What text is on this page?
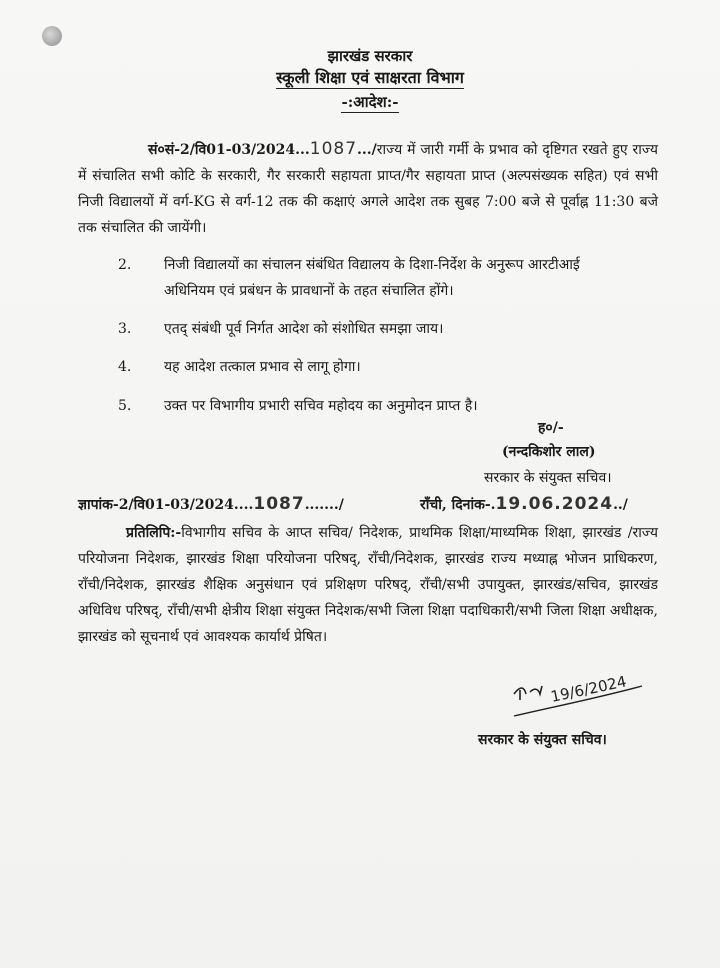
झारखंड सरकार
स्कूली शिक्षा एवं साक्षरता विभाग
-:आदेश:-
सं०सं-2/वि01-03/2024...1087.../राज्य में जारी गर्मी के प्रभाव को दृष्टिगत रखते हुए राज्य में संचालित सभी कोटि के सरकारी, गैर सरकारी सहायता प्राप्त/गैर सहायता प्राप्त (अल्पसंख्यक सहित) एवं सभी निजी विद्यालयों में वर्ग-KG से वर्ग-12 तक की कक्षाएं अगले आदेश तक सुबह 7:00 बजे से पूर्वाह्न 11:30 बजे तक संचालित की जायेंगी।
2.	निजी विद्यालयों का संचालन संबंधित विद्यालय के दिशा-निर्देश के अनुरूप आरटीआई अधिनियम एवं प्रबंधन के प्रावधानों के तहत संचालित होंगे।
3.	एतद् संबंधी पूर्व निर्गत आदेश को संशोधित समझा जाय।
4.	यह आदेश तत्काल प्रभाव से लागू होगा।
5.	उक्त पर विभागीय प्रभारी सचिव महोदय का अनुमोदन प्राप्त है।
ह०/-
(नन्दकिशोर लाल)
सरकार के संयुक्त सचिव।
ज्ञापांक-2/वि01-03/2024....1087......./	राँची, दिनांक-.19.06.2024../
प्रतिलिपि:-विभागीय सचिव के आप्त सचिव/ निदेशक, प्राथमिक शिक्षा/माध्यमिक शिक्षा, झारखंड /राज्य परियोजना निदेशक, झारखंड शिक्षा परियोजना परिषद्, राँची/निदेशक, झारखंड राज्य मध्याह्न भोजन प्राधिकरण, राँची/निदेशक, झारखंड शैक्षिक अनुसंधान एवं प्रशिक्षण परिषद्, राँची/सभी उपायुक्त, झारखंड/सचिव, झारखंड अधिविध परिषद्, राँची/सभी क्षेत्रीय शिक्षा संयुक्त निदेशक/सभी जिला शिक्षा पदाधिकारी/सभी जिला शिक्षा अधीक्षक, झारखंड को सूचनार्थ एवं आवश्यक कार्यार्थ प्रेषित।
19/6/2024
सरकार के संयुक्त सचिव।
